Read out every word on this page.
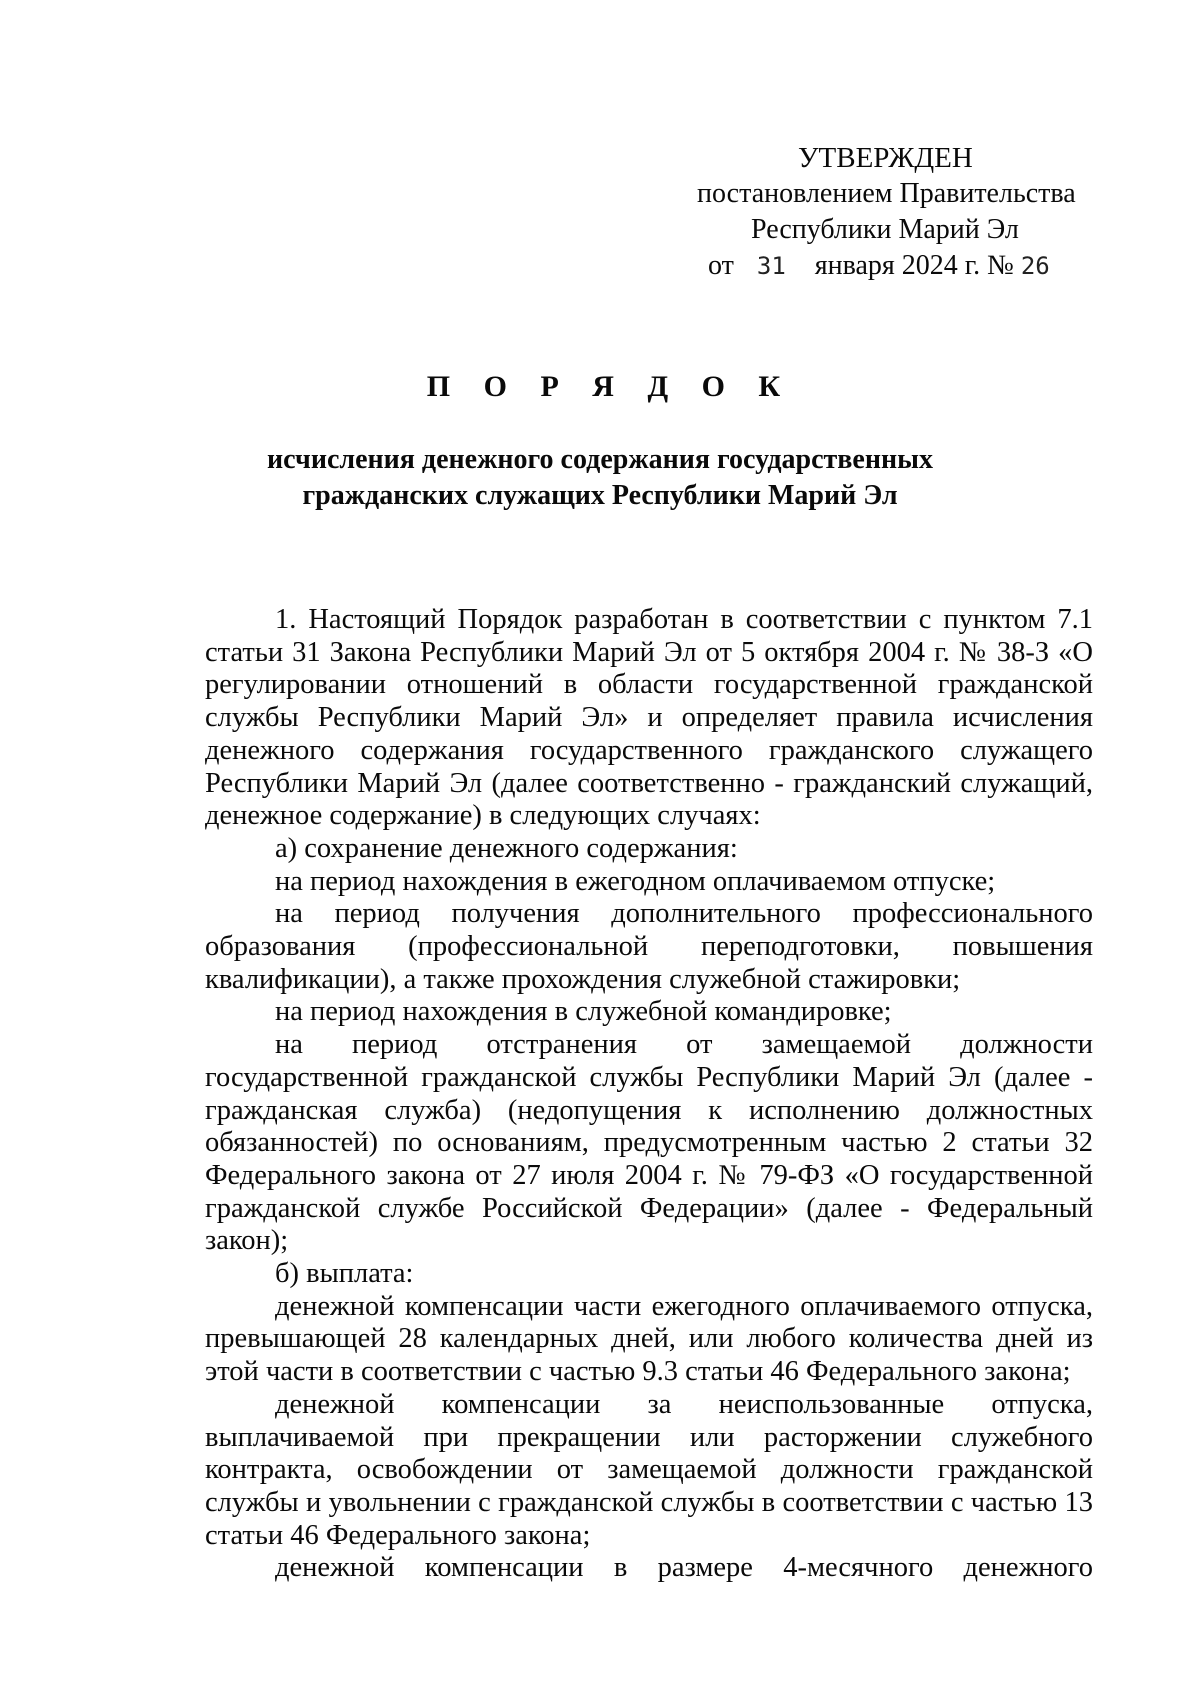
УТВЕРЖДЕН
постановлением Правительства
Республики Марий Эл
от 31 января 2024 г. № 26
П О Р Я Д О К
исчисления денежного содержания государственных
гражданских служащих Республики Марий Эл

1. Настоящий Порядок разработан в соответствии с пунктом 7.1 статьи 31 Закона Республики Марий Эл от 5 октября 2004 г. № 38-З «О регулировании отношений в области государственной гражданской службы Республики Марий Эл» и определяет правила исчисления денежного содержания государственного гражданского служащего Республики Марий Эл (далее соответственно - гражданский служащий, денежное содержание) в следующих случаях:

а) сохранение денежного содержания:

на период нахождения в ежегодном оплачиваемом отпуске;

на период получения дополнительного профессионального образования (профессиональной переподготовки, повышения квалификации), а также прохождения служебной стажировки;

на период нахождения в служебной командировке;

на период отстранения от замещаемой должности государственной гражданской службы Республики Марий Эл (далее - гражданская служба) (недопущения к исполнению должностных обязанностей) по основаниям, предусмотренным частью 2 статьи 32 Федерального закона от 27 июля 2004 г. № 79-ФЗ «О государственной гражданской службе Российской Федерации» (далее - Федеральный закон);

б) выплата:

денежной компенсации части ежегодного оплачиваемого отпуска, превышающей 28 календарных дней, или любого количества дней из этой части в соответствии с частью 9.3 статьи 46 Федерального закона;

денежной компенсации за неиспользованные отпуска, выплачиваемой при прекращении или расторжении служебного контракта, освобождении от замещаемой должности гражданской службы и увольнении с гражданской службы в соответствии с частью 13 статьи 46 Федерального закона;

денежной компенсации в размере 4-месячного денежного
